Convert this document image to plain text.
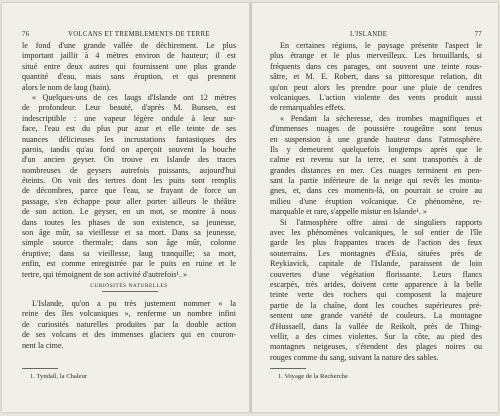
76	VOLCANS ET TREMBLEMENTS DE TERRE
le fond d'une grande vallée de déchirement. Le plus
important jaillit à 4 mètres environ de hauteur; il est
situé entre deux autres qui fournissent une plus grande
quantité d'eau, mais sans éruption, et qui prennent
alors le nom de laug (bain).
« Quelques-uns de ces laugs d'Islande ont 12 mètres
de profondeur. Leur beauté, d'après M. Bunsen, est
indescriptible : une vapeur légère ondule à leur sur-
face, l'eau est du plus pur azur et elle teinte de ses
nuances délicieuses les incrustations fantastiques des
parois, tandis qu'au fond on aperçoit souvent la bouche
d'un ancien geyser. On trouve en Islande des traces
nombreuses de geysers autrefois puissants, aujourd'hui
éteints. On voit des tertres dont les puits sont remplis
de décombres, parce que l'eau, se frayant de force un
passage, s'en échappe pour aller porter ailleurs le théâtre
de son action. Le geyser, en un mot, se montre à nous
dans toutes les phases de son existence, sa jeunesse,
son âge mûr, sa vieillesse et sa mort. Dans sa jeunesse,
simple source thermale; dans son âge mûr, colonne
éruptive; dans sa vieillesse, laug tranquille; sa mort,
enfin, est comme enregistrée par le puits en ruine et le
tertre, qui témoignent de son activité d'autrefois¹. »
CURIOSITÉS NATURELLES
L'Islande, qu'on a pu très justement nommer « la
reine des îles volcaniques », renferme un nombre infini
de curiosités naturelles produites par la double action
de ses volcans et des immenses glaciers qui en couron-
nent la cime.
1. Tyndall, la Chaleur
L'ISLANDE	77
En certaines régions, le paysage présente l'aspect le
plus étrange et le plus merveilleux. Les brouillards, si
fréquents dans ces parages, ont souvent une teinte rous-
sâtre, et M. E. Robert, dans sa pittoresque relation, dit
qu'on peut alors les prendre pour une pluie de cendres
volcaniques. L'action violente des vents produit aussi
de remarquables effets.
« Pendant la sécheresse, des trombes magnifiques et
d'immenses nuages de poussière rougeâtre sont tenus
en suspension à une grande hauteur dans l'atmosphère.
Ils y demeurent quelquefois longtemps après que le
calme est revenu sur la terre, et sont transportés à de
grandes distances en mer. Ces nuages terminent en pen-
sant la partie inférieure de la neige qui revêt les monta-
gnes, et, dans ces moments-là, on pourrait se croire au
milieu d'une éruption volcanique. Ce phénomène, re-
marquable et rare, s'appelle mistur en Islande¹. »
Si l'atmosphère offre ainsi de singuliers rapports
avec les phénomènes volcaniques, le sol entier de l'île
garde les plus frappantes traces de l'action des feux
souterrains. Les montagnes d'Esia, situées près de
Reykiavick, capitale de l'Islande, paraissent de loin
couvertes d'une végétation florissante. Leurs flancs
escarpés, très arides, doivent cette apparence à la belle
teinte verte des rochers qui composent la majeure
partie de la chaîne, dont les couches supérieures pré-
sentent une grande variété de couleurs. La montagne
d'Hussaell, dans la vallée de Reikolt, près de Thing-
vellir, a des cimes violettes. Sur la côte, au pied des
montagnes neigeuses, s'étendent des plages noires ou
rouges comme du sang, suivant la nature des sables.
1. Voyage de la Recherche
